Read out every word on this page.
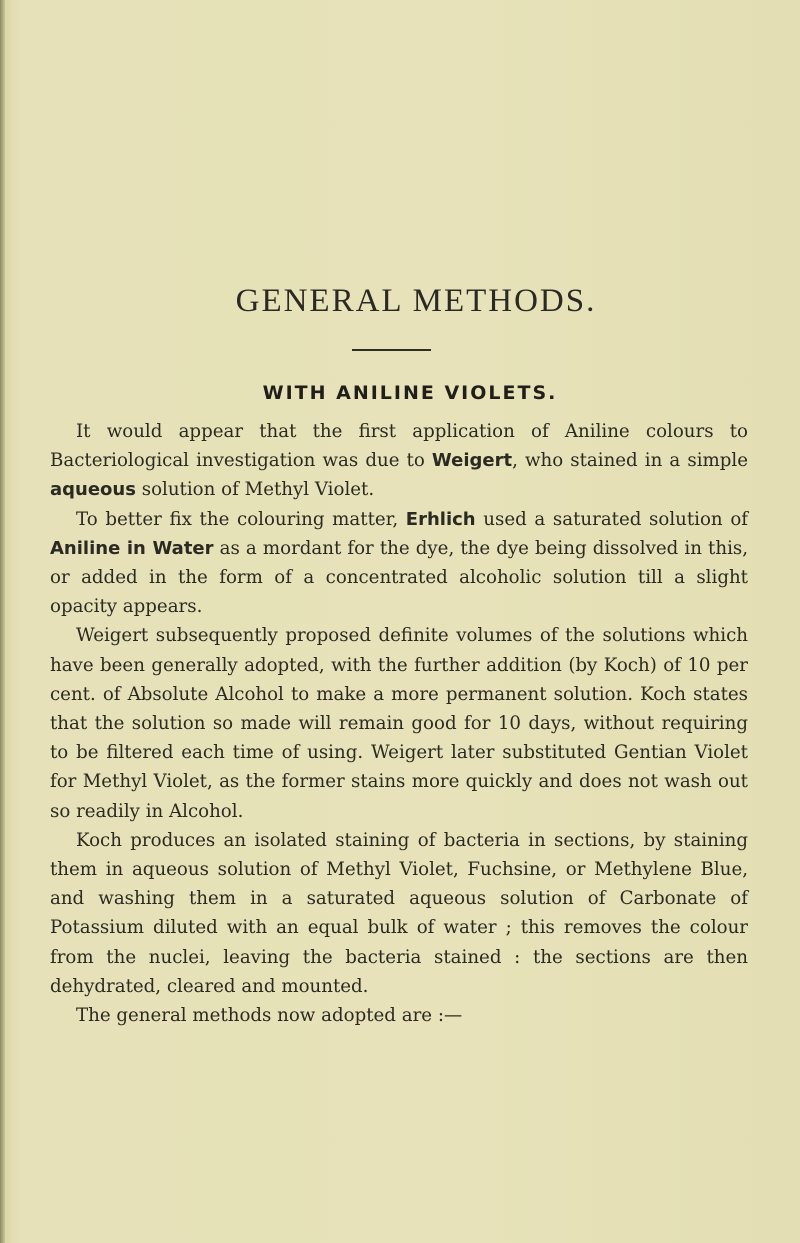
GENERAL METHODS.
WITH ANILINE VIOLETS.

It would appear that the first application of Aniline colours to Bacteriological investigation was due to Weigert, who stained in a simple aqueous solution of Methyl Violet.

To better fix the colouring matter, Erhlich used a saturated solution of Aniline in Water as a mordant for the dye, the dye being dissolved in this, or added in the form of a concentrated alcoholic solution till a slight opacity appears.

Weigert subsequently proposed definite volumes of the solutions which have been generally adopted, with the further addition (by Koch) of 10 per cent. of Absolute Alcohol to make a more permanent solution. Koch states that the solution so made will remain good for 10 days, without requiring to be filtered each time of using. Weigert later substituted Gentian Violet for Methyl Violet, as the former stains more quickly and does not wash out so readily in Alcohol.

Koch produces an isolated staining of bacteria in sections, by staining them in aqueous solution of Methyl Violet, Fuchsine, or Methylene Blue, and washing them in a saturated aqueous solution of Carbonate of Potassium diluted with an equal bulk of water ; this removes the colour from the nuclei, leaving the bacteria stained : the sections are then dehydrated, cleared and mounted.

The general methods now adopted are :—
